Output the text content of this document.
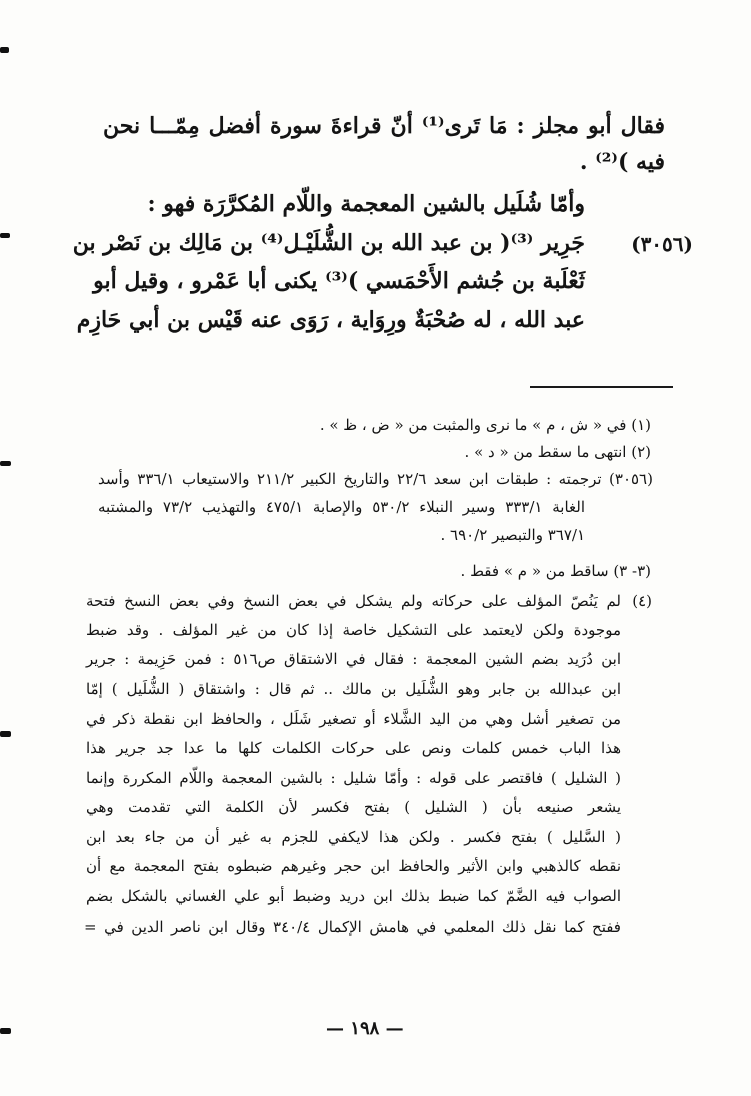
فقال أبو مجلز : مَا تَرى⁽¹⁾ أنّ قراءةَ سورة أفضل مِمّـــا نحن
فيه )⁽²⁾ .
وأمّا شُلَيل بالشين المعجمة واللّام المُكرَّرَة فهو :
(٣٠٥٦)
جَرِير ⁽³⁾( بن عبد الله بن الشُّلَيْـل⁽⁴⁾ بن مَالِك بن نَصْر بن
ثَعْلَبة بن جُشم الأَحْمَسي )⁽³⁾ يكنى أبا عَمْرو ، وقيل أبو
عبد الله ، له صُحْبَةٌ ورِوَاية ، رَوَى عنه قَيْس بن أبي حَازِم
(١) في « ش ، م » ما نرى والمثبت من « ض ، ظ » .
(٢) انتهى ما سقط من « د » .
(٣٠٥٦) ترجمته : طبقات ابن سعد ٢٢/٦ والتاريخ الكبير ٢١١/٢ والاستيعاب ٣٣٦/١ وأسد
الغابة ٣٣٣/١ وسير النبلاء ٥٣٠/٢ والإصابة ٤٧٥/١ والتهذيب ٧٣/٢ والمشتبه
٣٦٧/١ والتبصير ٦٩٠/٢ .
(٣- ٣) ساقط من « م » فقط .
(٤)
لم يَنُصّ المؤلف على حركاته ولم يشكل في بعض النسخ وفي بعض النسخ فتحة
موجودة ولكن لايعتمد على التشكيل خاصة إذا كان من غير المؤلف . وقد ضبط
ابن دُرَيد بضم الشين المعجمة : فقال في الاشتقاق ص٥١٦ : فمن حَزِيمة : جرير
ابن عبدالله بن جابر وهو الشُّلَيل بن مالك .. ثم قال : واشتقاق ( الشُّلَيل ) إمّا
من تصغير أشل وهي من اليد الشَّلاء أو تصغير شَلَل ، والحافظ ابن نقطة ذكر في
هذا الباب خمس كلمات ونص على حركات الكلمات كلها ما عدا جد جرير هذا
( الشليل ) فاقتصر على قوله : وأمّا شليل : بالشين المعجمة واللّام المكررة وإنما
يشعر صنيعه بأن ( الشليل ) بفتح فكسر لأن الكلمة التي تقدمت وهي
( السَّليل ) بفتح فكسر . ولكن هذا لايكفي للجزم به غير أن من جاء بعد ابن
نقطه كالذهبي وابن الأثير والحافظ ابن حجر وغيرهم ضبطوه بفتح المعجمة مع أن
الصواب فيه الضَّمّ كما ضبط بذلك ابن دريد وضبط أبو علي الغساني بالشكل بضم
ففتح كما نقل ذلك المعلمي في هامش الإكمال ٣٤٠/٤ وقال ابن ناصر الدين في =
— ١٩٨ —
